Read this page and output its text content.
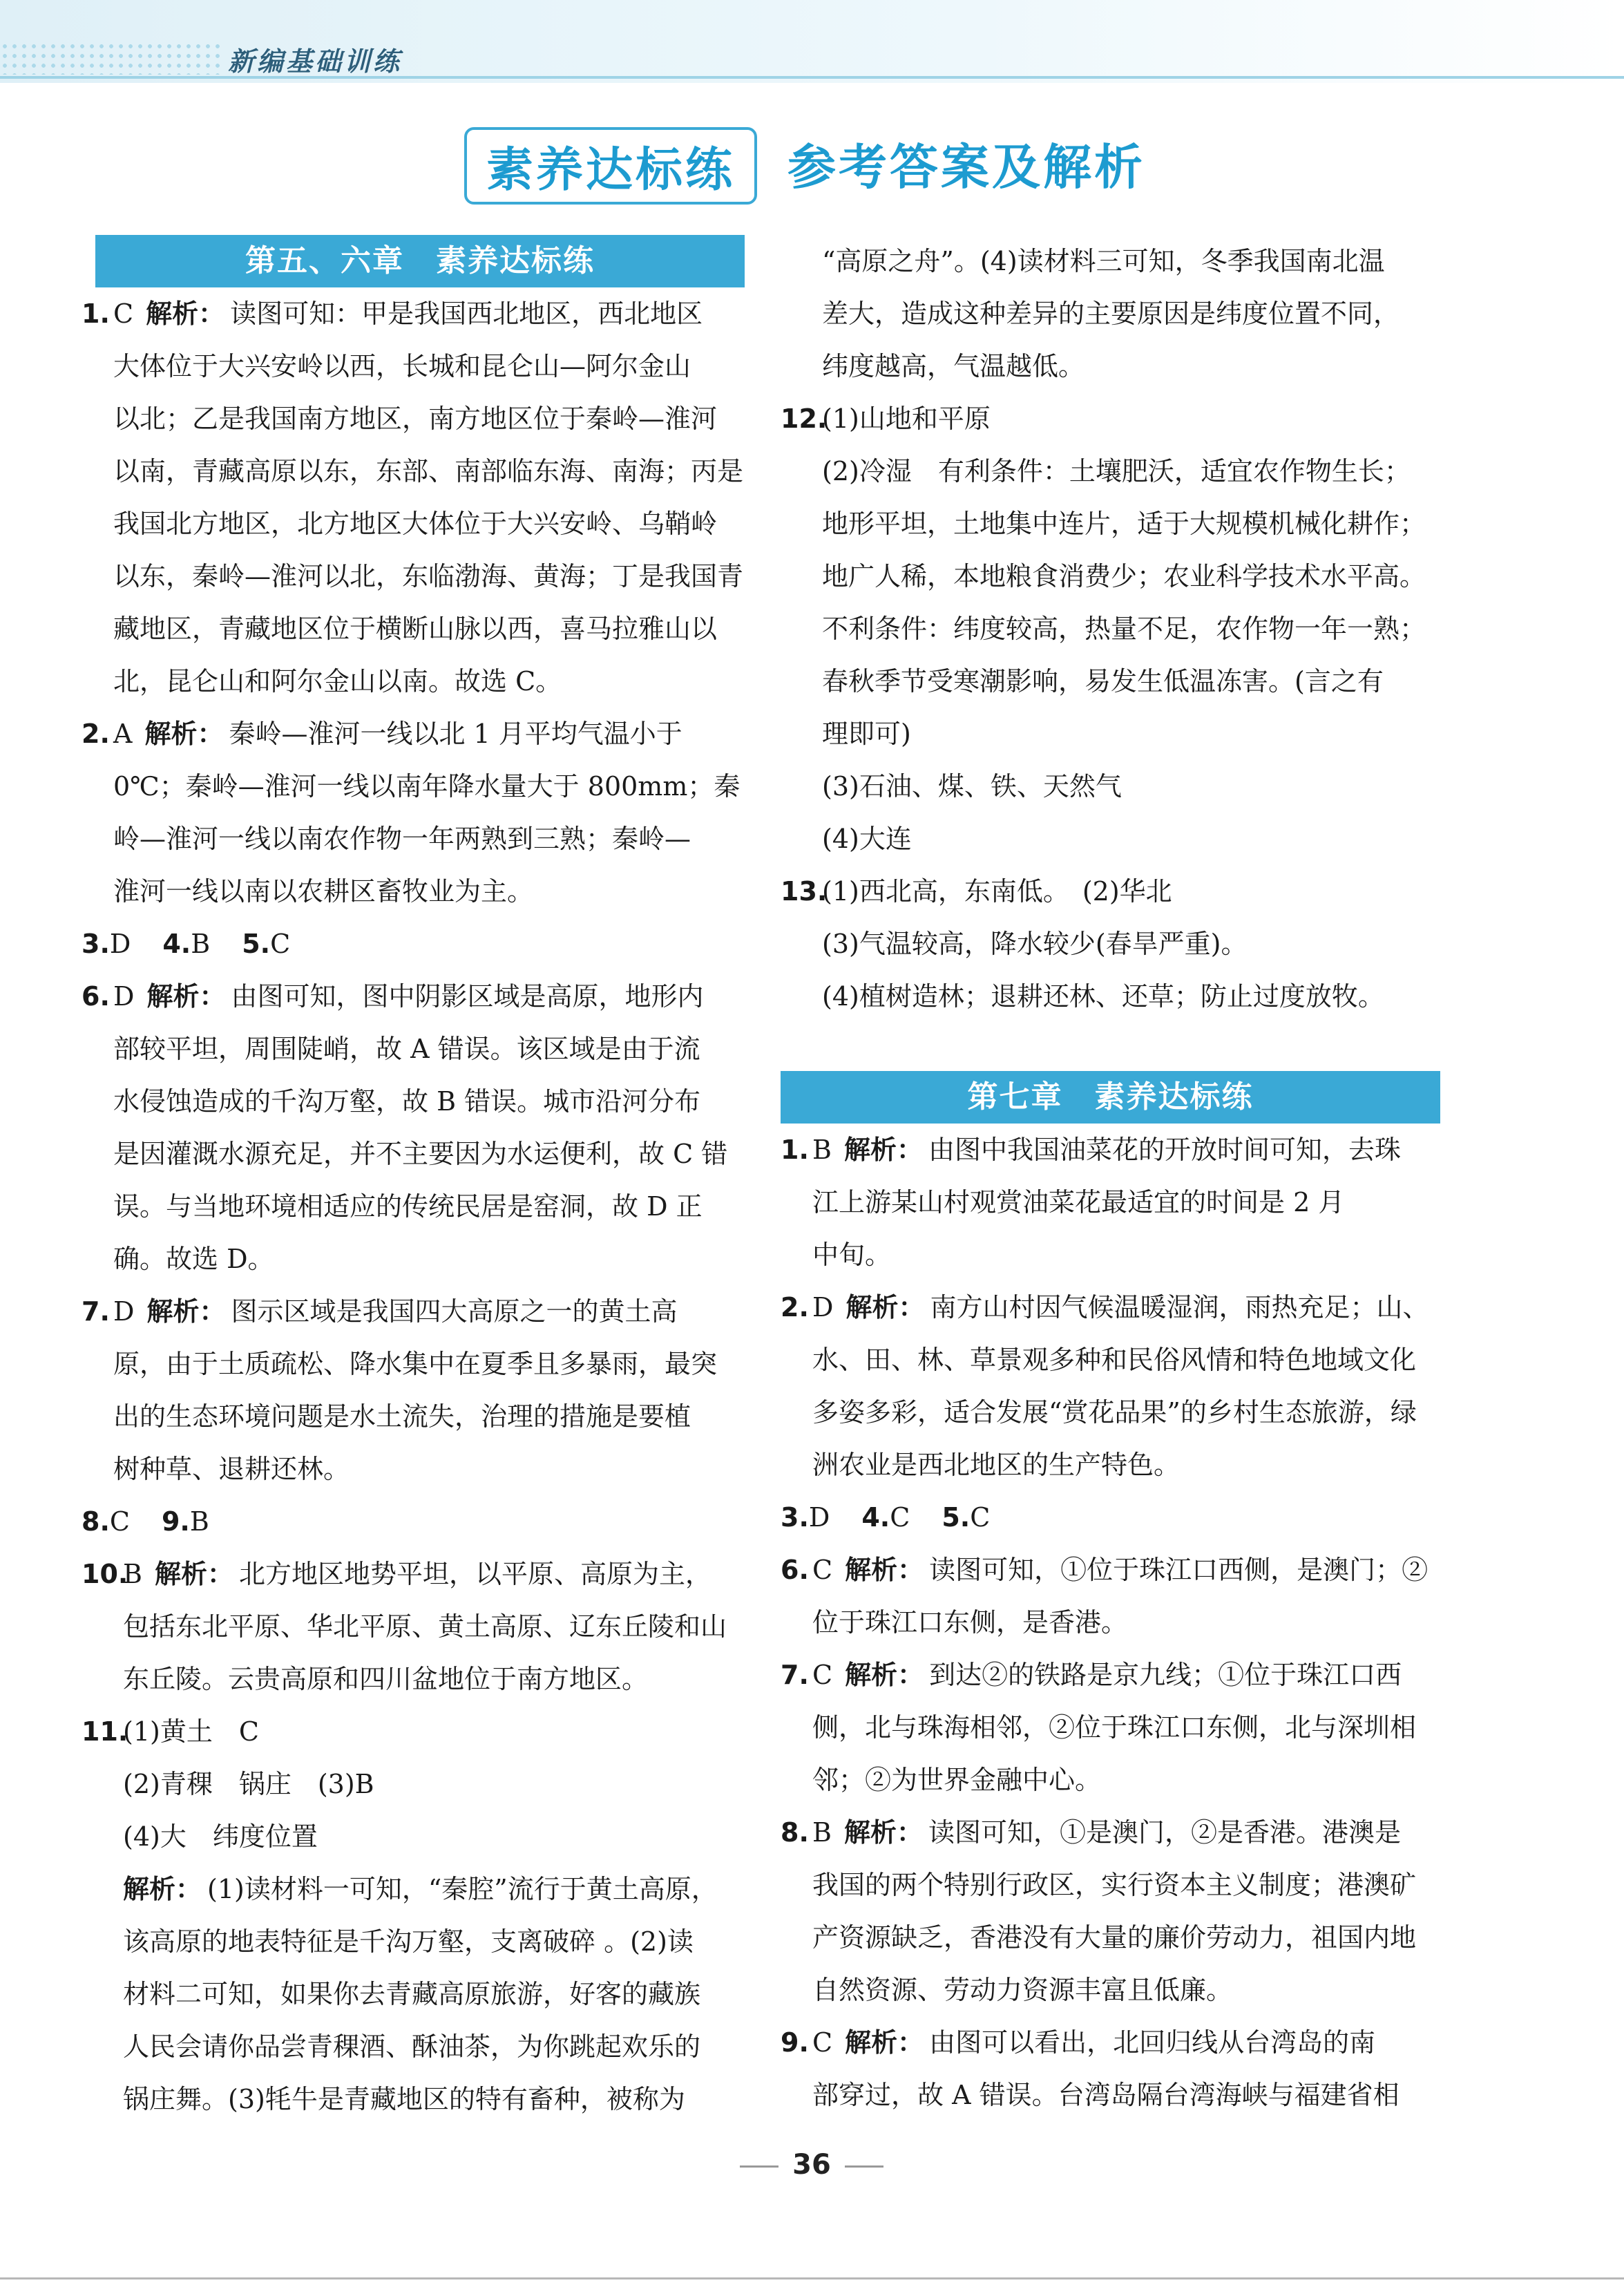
新编基础训练
素养达标练	参考答案及解析
第五、六章　素养达标练
1. C 解析： 读图可知：甲是我国西北地区，西北地区
大体位于大兴安岭以西，长城和昆仑山—阿尔金山
以北；乙是我国南方地区，南方地区位于秦岭—淮河
以南，青藏高原以东，东部、南部临东海、南海；丙是
我国北方地区，北方地区大体位于大兴安岭、乌鞘岭
以东，秦岭—淮河以北，东临渤海、黄海；丁是我国青
藏地区，青藏地区位于横断山脉以西，喜马拉雅山以
北，昆仑山和阿尔金山以南。故选 C。
2. A 解析： 秦岭—淮河一线以北 1 月平均气温小于
0℃；秦岭—淮河一线以南年降水量大于 800mm；秦
岭—淮河一线以南农作物一年两熟到三熟；秦岭—
淮河一线以南以农耕区畜牧业为主。
3.D 4.B 5.C
6. D 解析： 由图可知，图中阴影区域是高原，地形内
部较平坦，周围陡峭，故 A 错误。该区域是由于流
水侵蚀造成的千沟万壑，故 B 错误。城市沿河分布
是因灌溉水源充足，并不主要因为水运便利，故 C 错
误。与当地环境相适应的传统民居是窑洞，故 D 正
确。故选 D。
7. D 解析： 图示区域是我国四大高原之一的黄土高
原，由于土质疏松、降水集中在夏季且多暴雨，最突
出的生态环境问题是水土流失，治理的措施是要植
树种草、退耕还林。
8.C 9.B
10.
B 解析： 北方地区地势平坦，以平原、高原为主，
包括东北平原、华北平原、黄土高原、辽东丘陵和山
东丘陵。云贵高原和四川盆地位于南方地区。
11.
(1)黄土　C
(2)青稞　锅庄　(3)B
(4)大　纬度位置
解析： (1)读材料一可知，“秦腔”流行于黄土高原，
该高原的地表特征是千沟万壑，支离破碎 。(2)读
材料二可知，如果你去青藏高原旅游，好客的藏族
人民会请你品尝青稞酒、酥油茶，为你跳起欢乐的
锅庄舞。(3)牦牛是青藏地区的特有畜种，被称为
“高原之舟”。(4)读材料三可知，冬季我国南北温
差大，造成这种差异的主要原因是纬度位置不同，
纬度越高，气温越低。
12.
(1)山地和平原
(2)冷湿　有利条件：土壤肥沃，适宜农作物生长；
地形平坦，土地集中连片，适于大规模机械化耕作；
地广人稀，本地粮食消费少；农业科学技术水平高。
不利条件：纬度较高，热量不足，农作物一年一熟；
春秋季节受寒潮影响，易发生低温冻害。(言之有
理即可)
(3)石油、煤、铁、天然气
(4)大连
13.
(1)西北高，东南低。　(2)华北
(3)气温较高，降水较少(春旱严重)。
(4)植树造林；退耕还林、还草；防止过度放牧。
第七章　素养达标练
1. B 解析： 由图中我国油菜花的开放时间可知，去珠
江上游某山村观赏油菜花最适宜的时间是 2 月
中旬。
2. D 解析： 南方山村因气候温暖湿润，雨热充足；山、
水、田、林、草景观多种和民俗风情和特色地域文化
多姿多彩，适合发展“赏花品果”的乡村生态旅游，绿
洲农业是西北地区的生产特色。
3.D 4.C 5.C
6. C 解析： 读图可知，①位于珠江口西侧，是澳门；②
位于珠江口东侧，是香港。
7. C 解析： 到达②的铁路是京九线；①位于珠江口西
侧，北与珠海相邻，②位于珠江口东侧，北与深圳相
邻；②为世界金融中心。
8. B 解析： 读图可知，①是澳门，②是香港。港澳是
我国的两个特别行政区，实行资本主义制度；港澳矿
产资源缺乏，香港没有大量的廉价劳动力，祖国内地
自然资源、劳动力资源丰富且低廉。
9. C 解析： 由图可以看出，北回归线从台湾岛的南
部穿过，故 A 错误。台湾岛隔台湾海峡与福建省相
36
